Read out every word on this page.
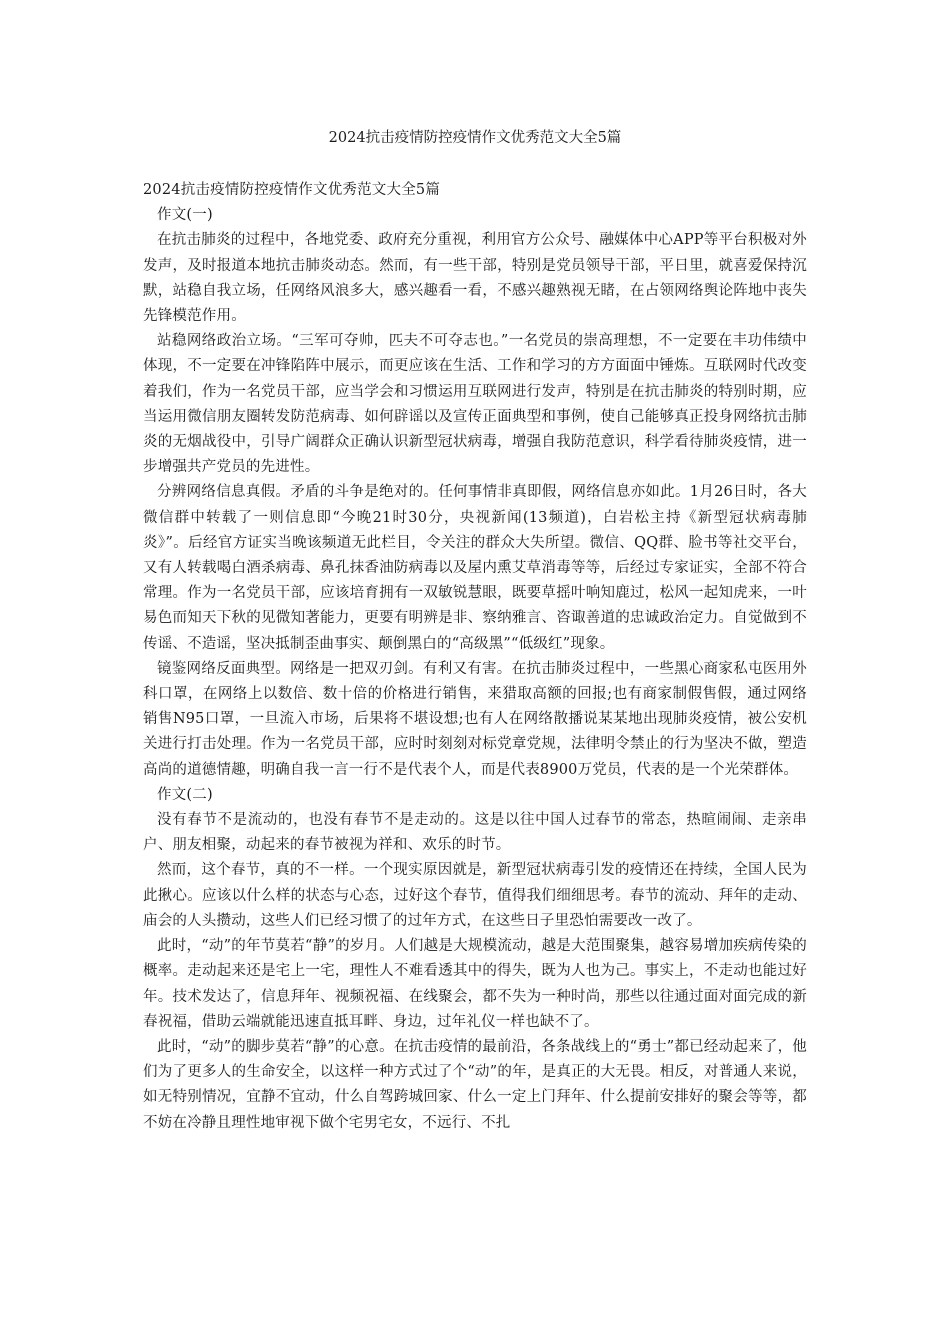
2024抗击疫情防控疫情作文优秀范文大全5篇

2024抗击疫情防控疫情作文优秀范文大全5篇

作文(一)

在抗击肺炎的过程中，各地党委、政府充分重视，利用官方公众号、融媒体中心APP等平台积极对外发声，及时报道本地抗击肺炎动态。然而，有一些干部，特别是党员领导干部，平日里，就喜爱保持沉默，站稳自我立场，任网络风浪多大，感兴趣看一看，不感兴趣熟视无睹，在占领网络舆论阵地中丧失先锋模范作用。

站稳网络政治立场。“三军可夺帅，匹夫不可夺志也。”一名党员的崇高理想，不一定要在丰功伟绩中体现，不一定要在冲锋陷阵中展示，而更应该在生活、工作和学习的方方面面中锤炼。互联网时代改变着我们，作为一名党员干部，应当学会和习惯运用互联网进行发声，特别是在抗击肺炎的特别时期，应当运用微信朋友圈转发防范病毒、如何辟谣以及宣传正面典型和事例，使自己能够真正投身网络抗击肺炎的无烟战役中，引导广阔群众正确认识新型冠状病毒，增强自我防范意识，科学看待肺炎疫情，进一步增强共产党员的先进性。

分辨网络信息真假。矛盾的斗争是绝对的。任何事情非真即假，网络信息亦如此。1月26日时，各大微信群中转载了一则信息即“今晚21时30分，央视新闻(13频道)，白岩松主持《新型冠状病毒肺炎》”。后经官方证实当晚该频道无此栏目，令关注的群众大失所望。微信、QQ群、脸书等社交平台，又有人转载喝白酒杀病毒、鼻孔抹香油防病毒以及屋内熏艾草消毒等等，后经过专家证实，全部不符合常理。作为一名党员干部，应该培育拥有一双敏锐慧眼，既要草摇叶响知鹿过，松风一起知虎来，一叶易色而知天下秋的见微知著能力，更要有明辨是非、察纳雅言、咨诹善道的忠诚政治定力。自觉做到不传谣、不造谣，坚决抵制歪曲事实、颠倒黑白的“高级黑”“低级红”现象。

镜鉴网络反面典型。网络是一把双刃剑。有利又有害。在抗击肺炎过程中，一些黑心商家私屯医用外科口罩，在网络上以数倍、数十倍的价格进行销售，来猎取高额的回报;也有商家制假售假，通过网络销售N95口罩，一旦流入市场，后果将不堪设想;也有人在网络散播说某某地出现肺炎疫情，被公安机关进行打击处理。作为一名党员干部，应时时刻刻对标党章党规，法律明令禁止的行为坚决不做，塑造高尚的道德情趣，明确自我一言一行不是代表个人，而是代表8900万党员，代表的是一个光荣群体。

作文(二)

没有春节不是流动的，也没有春节不是走动的。这是以往中国人过春节的常态，热暄闹闹、走亲串户、朋友相聚，动起来的春节被视为祥和、欢乐的时节。

然而，这个春节，真的不一样。一个现实原因就是，新型冠状病毒引发的疫情还在持续，全国人民为此揪心。应该以什么样的状态与心态，过好这个春节，值得我们细细思考。春节的流动、拜年的走动、庙会的人头攒动，这些人们已经习惯了的过年方式，在这些日子里恐怕需要改一改了。

此时，“动”的年节莫若“静”的岁月。人们越是大规模流动，越是大范围聚集，越容易增加疾病传染的概率。走动起来还是宅上一宅，理性人不难看透其中的得失，既为人也为己。事实上，不走动也能过好年。技术发达了，信息拜年、视频祝福、在线聚会，都不失为一种时尚，那些以往通过面对面完成的新春祝福，借助云端就能迅速直抵耳畔、身边，过年礼仪一样也缺不了。

此时，“动”的脚步莫若“静”的心意。在抗击疫情的最前沿，各条战线上的“勇士”都已经动起来了，他们为了更多人的生命安全，以这样一种方式过了个“动”的年，是真正的大无畏。相反，对普通人来说，如无特别情况，宜静不宜动，什么自驾跨城回家、什么一定上门拜年、什么提前安排好的聚会等等，都不妨在冷静且理性地审视下做个宅男宅女，不远行、不扎
